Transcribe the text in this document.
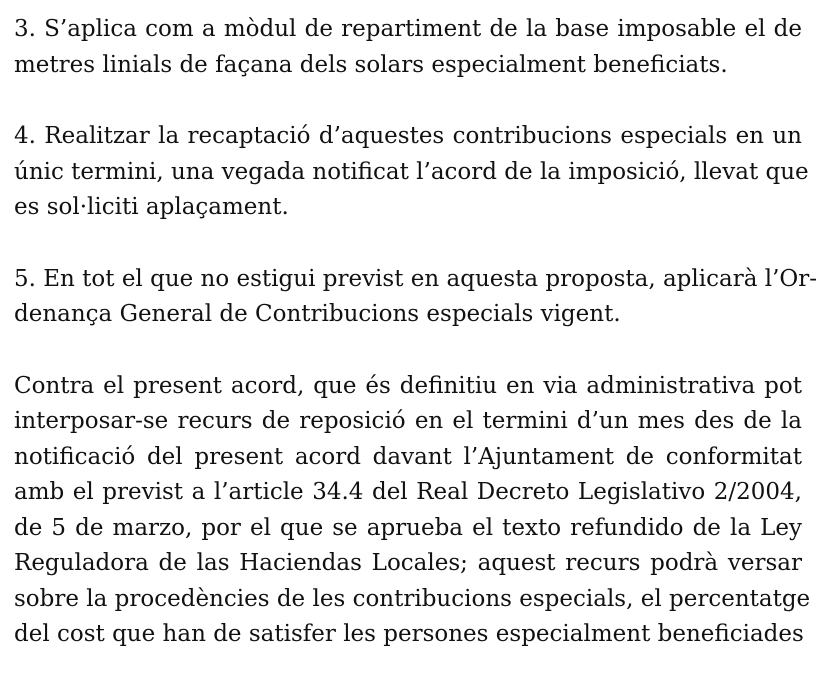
3. S’aplica com a mòdul de repartiment de la base imposable el de
metres linials de façana dels solars especialment beneficiats.

4. Realitzar la recaptació d’aquestes contribucions especials en un
únic termini, una vegada notificat l’acord de la imposició, llevat que
es sol·liciti aplaçament.

5. En tot el que no estigui previst en aquesta proposta, aplicarà l’Or-
denança General de Contribucions especials vigent.

Contra el present acord, que és definitiu en via administrativa pot
interposar-se recurs de reposició en el termini d’un mes des de la
notificació del present acord davant l’Ajuntament de conformitat
amb el previst a l’article 34.4 del Real Decreto Legislativo 2/2004,
de 5 de marzo, por el que se aprueba el texto refundido de la Ley
Reguladora de las Haciendas Locales; aquest recurs podrà versar
sobre la procedències de les contribucions especials, el percentatge
del cost que han de satisfer les persones especialment beneficiades
